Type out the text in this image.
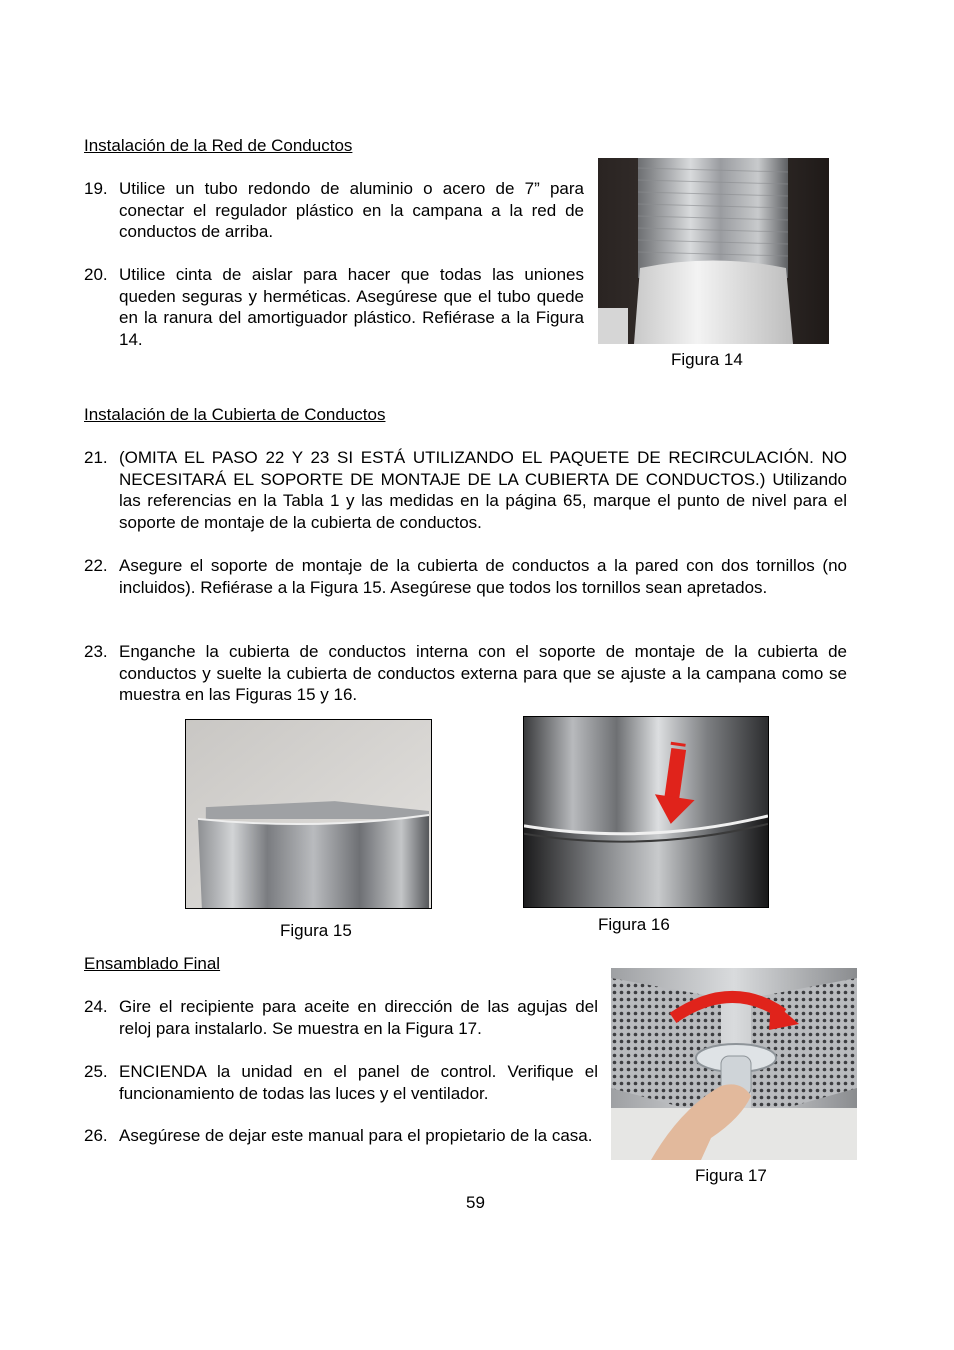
Instalación de la Red de Conductos
19. Utilice un tubo redondo de aluminio o acero de 7” para conectar el regulador plástico en la campana a la red de conductos de arriba.
20. Utilice cinta de aislar para hacer que todas las uniones queden seguras y herméticas. Asegúrese que el tubo quede en la ranura del amortiguador plástico. Refiérase a la Figura 14.
Figura 14
Instalación de la Cubierta de Conductos
21. (OMITA EL PASO 22 Y 23 SI ESTÁ UTILIZANDO EL PAQUETE DE RECIRCULACIÓN. NO NECESITARÁ EL SOPORTE DE MONTAJE DE LA CUBIERTA DE CONDUCTOS.) Utilizando las referencias en la Tabla 1 y las medidas en la página 65, marque el punto de nivel para el soporte de montaje de la cubierta de conductos.
22. Asegure el soporte de montaje de la cubierta de conductos a la pared con dos tornillos (no incluidos). Refiérase a la Figura 15. Asegúrese que todos los tornillos sean apretados.
23. Enganche la cubierta de conductos interna con el soporte de montaje de la cubierta de conductos y suelte la cubierta de conductos externa para que se ajuste a la campana como se muestra en las Figuras 15 y 16.
Figura 15	Figura 16
Ensamblado Final
24. Gire el recipiente para aceite en dirección de las agujas del reloj para instalarlo. Se muestra en la Figura 17.
25. ENCIENDA la unidad en el panel de control. Verifique el funcionamiento de todas las luces y el ventilador.
26. Asegúrese de dejar este manual para el propietario de la casa.
Figura 17
59
